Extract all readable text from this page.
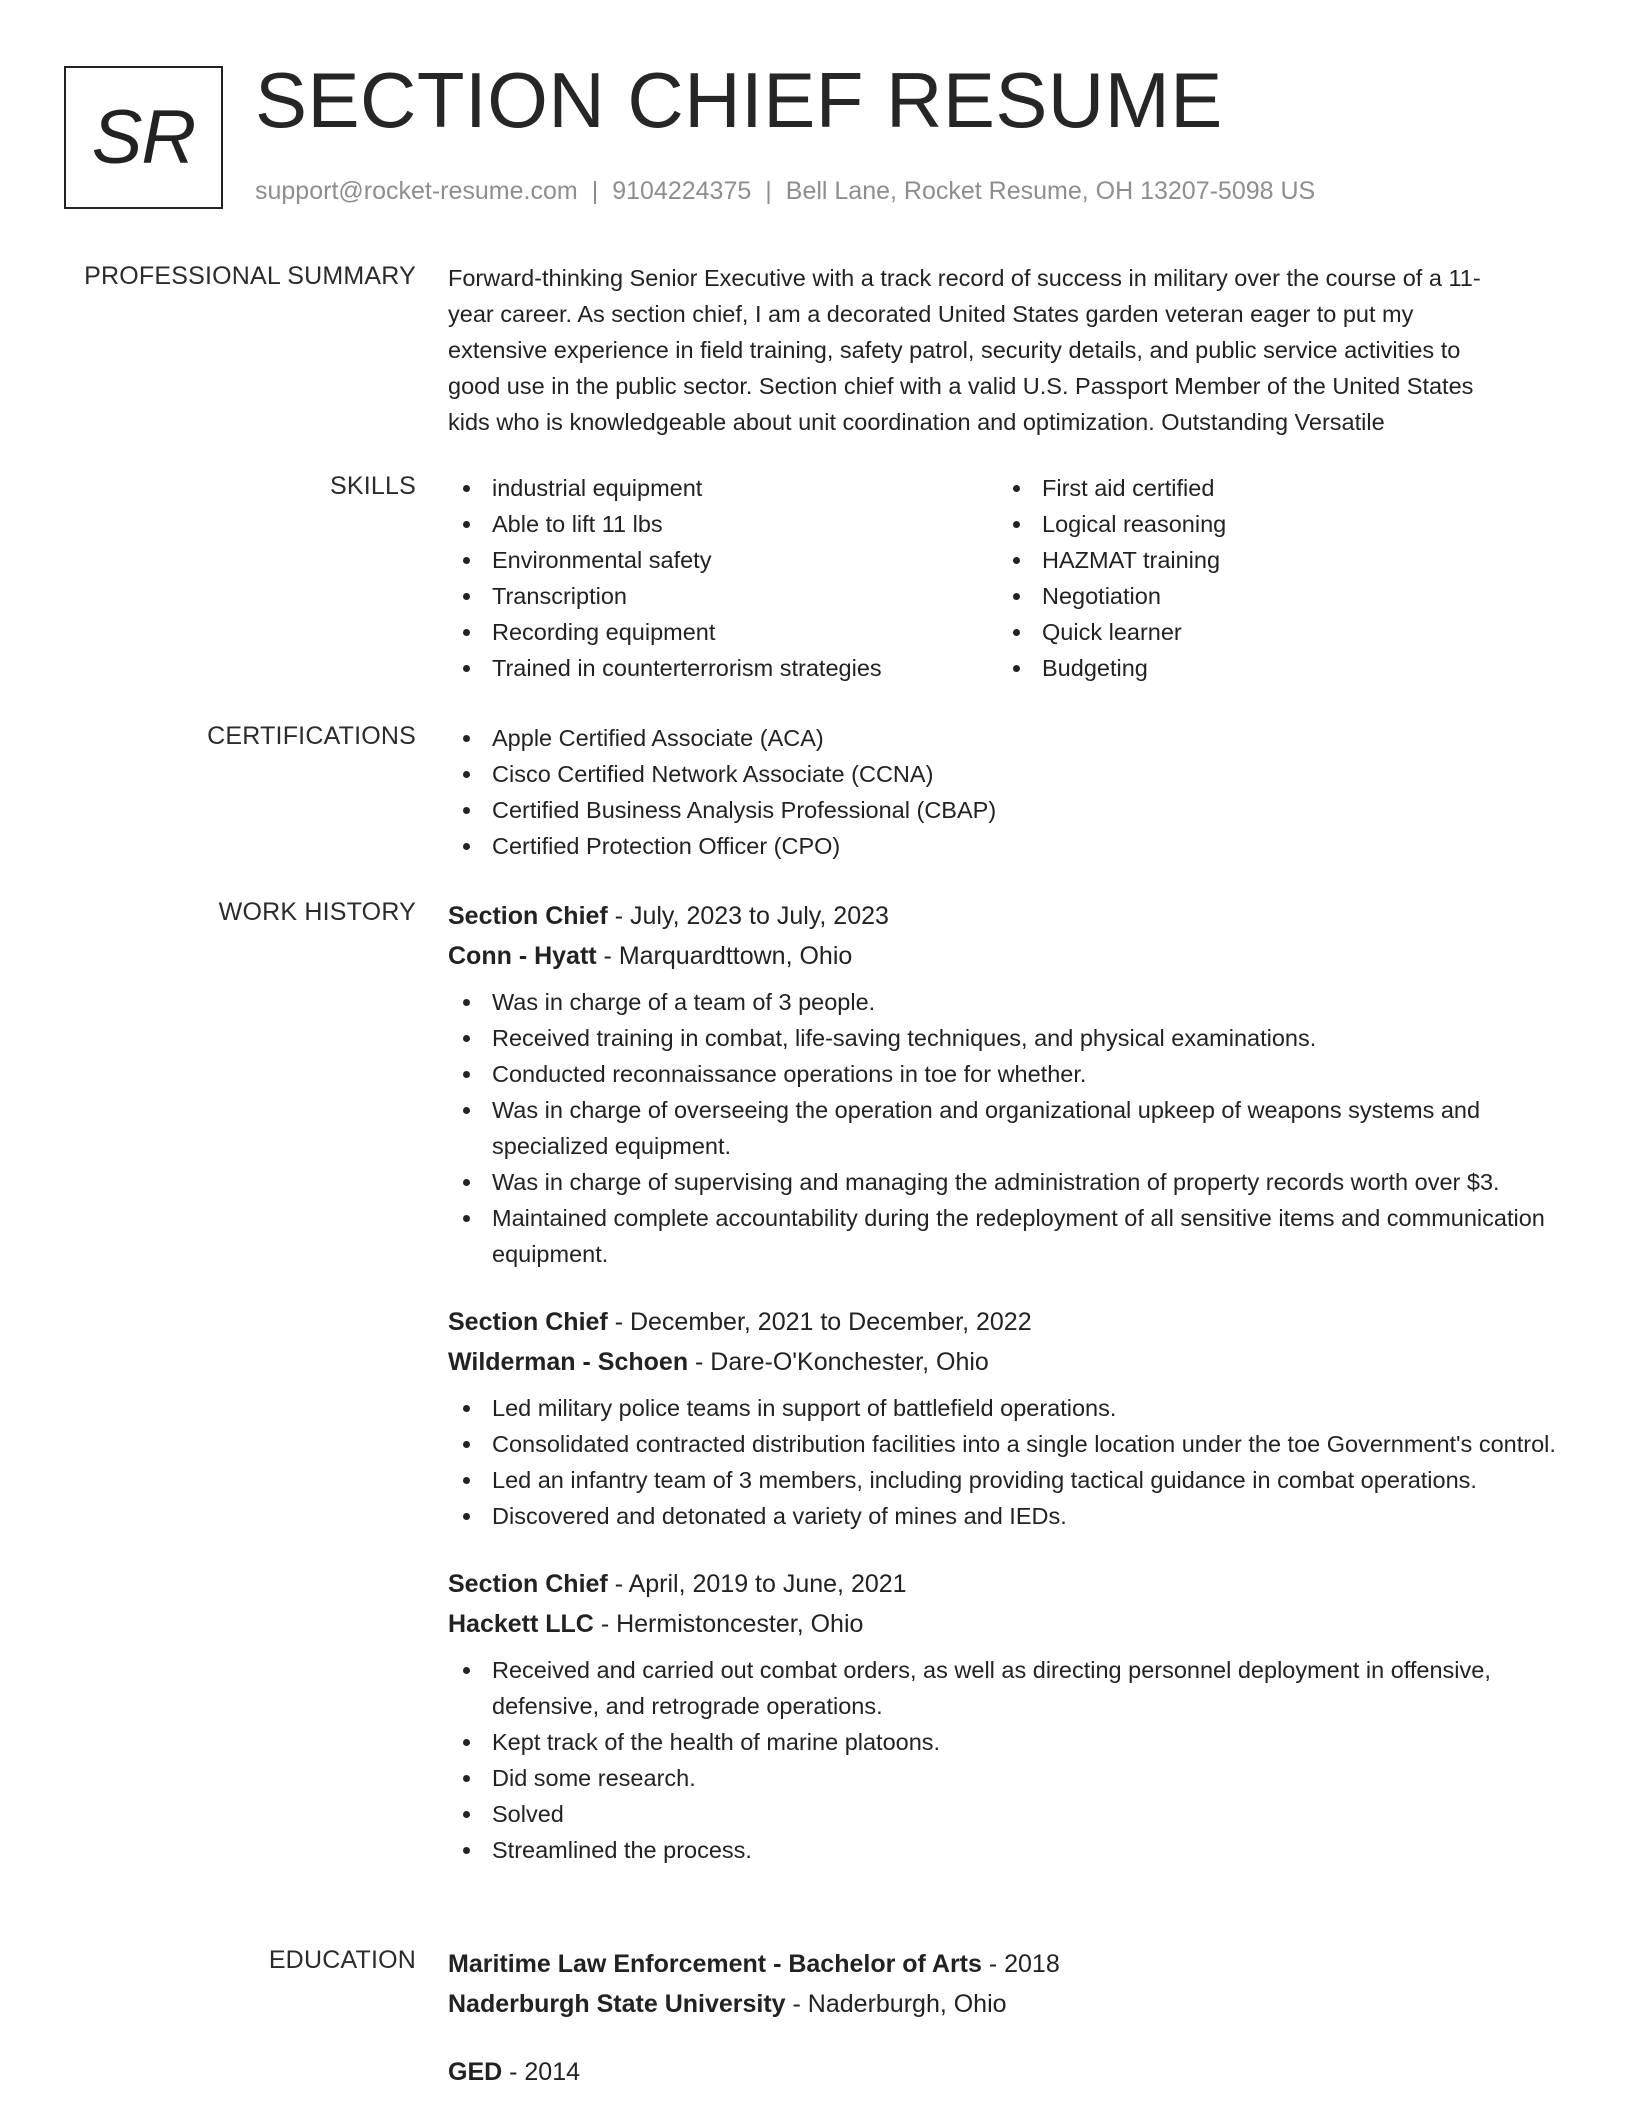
SR SECTION CHIEF RESUME
support@rocket-resume.com | 9104224375 | Bell Lane, Rocket Resume, OH 13207-5098 US
PROFESSIONAL SUMMARY Forward-thinking Senior Executive with a track record of success in military over the course of a 11-
year career. As section chief, I am a decorated United States garden veteran eager to put my
extensive experience in field training, safety patrol, security details, and public service activities to
good use in the public sector. Section chief with a valid U.S. Passport Member of the United States
kids who is knowledgeable about unit coordination and optimization. Outstanding Versatile
SKILLS	industrial equipment
Able to lift 11 lbs
Environmental safety
Transcription
Recording equipment
Trained in counterterrorism strategies
First aid certified
Logical reasoning
HAZMAT training
Negotiation
Quick learner
Budgeting
CERTIFICATIONS	Apple Certified Associate (ACA)
Cisco Certified Network Associate (CCNA)
Certified Business Analysis Professional (CBAP)
Certified Protection Officer (CPO)
WORK HISTORY Section Chief - July, 2023 to July, 2023
Conn - Hyatt - Marquardttown, Ohio
Was in charge of a team of 3 people.
Received training in combat, life-saving techniques, and physical examinations.
Conducted reconnaissance operations in toe for whether.
Was in charge of overseeing the operation and organizational upkeep of weapons systems and specialized equipment.
Was in charge of supervising and managing the administration of property records worth over $3.
Maintained complete accountability during the redeployment of all sensitive items and communication equipment.
Section Chief - December, 2021 to December, 2022
Wilderman - Schoen - Dare-O'Konchester, Ohio
Led military police teams in support of battlefield operations.
Consolidated contracted distribution facilities into a single location under the toe Government's control.
Led an infantry team of 3 members, including providing tactical guidance in combat operations.
Discovered and detonated a variety of mines and IEDs.
Section Chief - April, 2019 to June, 2021
Hackett LLC - Hermistoncester, Ohio
Received and carried out combat orders, as well as directing personnel deployment in offensive, defensive, and retrograde operations.
Kept track of the health of marine platoons.
Did some research.
Solved
Streamlined the process.
EDUCATION Maritime Law Enforcement - Bachelor of Arts - 2018
Naderburgh State University - Naderburgh, Ohio
GED - 2014
